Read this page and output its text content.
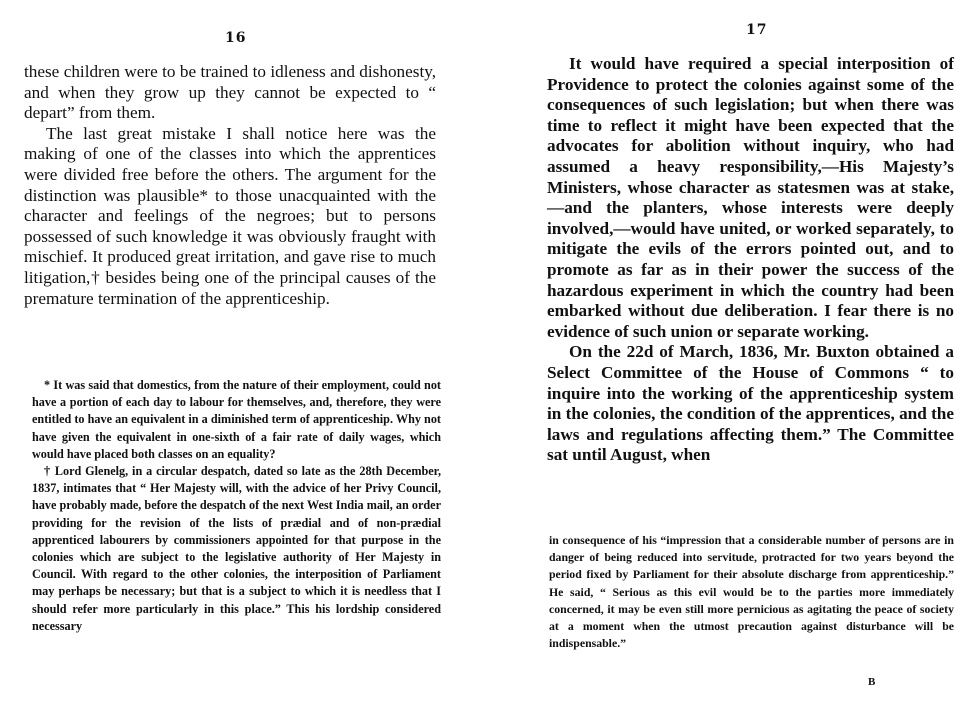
16

these children were to be trained to idleness and dishonesty, and when they grow up they cannot be expected to “ depart” from them.

The last great mistake I shall notice here was the making of one of the classes into which the apprentices were divided free before the others. The argument for the distinction was plausible* to those unacquainted with the character and feelings of the negroes; but to persons possessed of such knowledge it was obviously fraught with mischief. It produced great irritation, and gave rise to much litigation,† besides being one of the principal causes of the premature termination of the apprenticeship.

* It was said that domestics, from the nature of their employment, could not have a portion of each day to labour for themselves, and, therefore, they were entitled to have an equivalent in a diminished term of apprenticeship. Why not have given the equivalent in one-sixth of a fair rate of daily wages, which would have placed both classes on an equality?

† Lord Glenelg, in a circular despatch, dated so late as the 28th December, 1837, intimates that “ Her Majesty will, with the advice of her Privy Council, have probably made, before the despatch of the next West India mail, an order providing for the revision of the lists of prædial and of non-prædial apprenticed labourers by commissioners appointed for that purpose in the colonies which are subject to the legislative authority of Her Majesty in Council. With regard to the other colonies, the interposition of Parliament may perhaps be necessary; but that is a subject to which it is needless that I should refer more particularly in this place.” This his lordship considered necessary

17

It would have required a special interposition of Providence to protect the colonies against some of the consequences of such legislation; but when there was time to reflect it might have been expected that the advocates for abolition without inquiry, who had assumed a heavy responsibility,—His Majesty’s Ministers, whose character as statesmen was at stake,—and the planters, whose interests were deeply involved,—would have united, or worked separately, to mitigate the evils of the errors pointed out, and to promote as far as in their power the success of the hazardous experiment in which the country had been embarked without due deliberation. I fear there is no evidence of such union or separate working.

On the 22d of March, 1836, Mr. Buxton obtained a Select Committee of the House of Commons “ to inquire into the working of the apprenticeship system in the colonies, the condition of the apprentices, and the laws and regulations affecting them.” The Committee sat until August, when

in consequence of his “impression that a considerable number of persons are in danger of being reduced into servitude, protracted for two years beyond the period fixed by Parliament for their absolute discharge from apprenticeship.” He said, “ Serious as this evil would be to the parties more immediately concerned, it may be even still more pernicious as agitating the peace of society at a moment when the utmost precaution against disturbance will be indispensable.”

B
